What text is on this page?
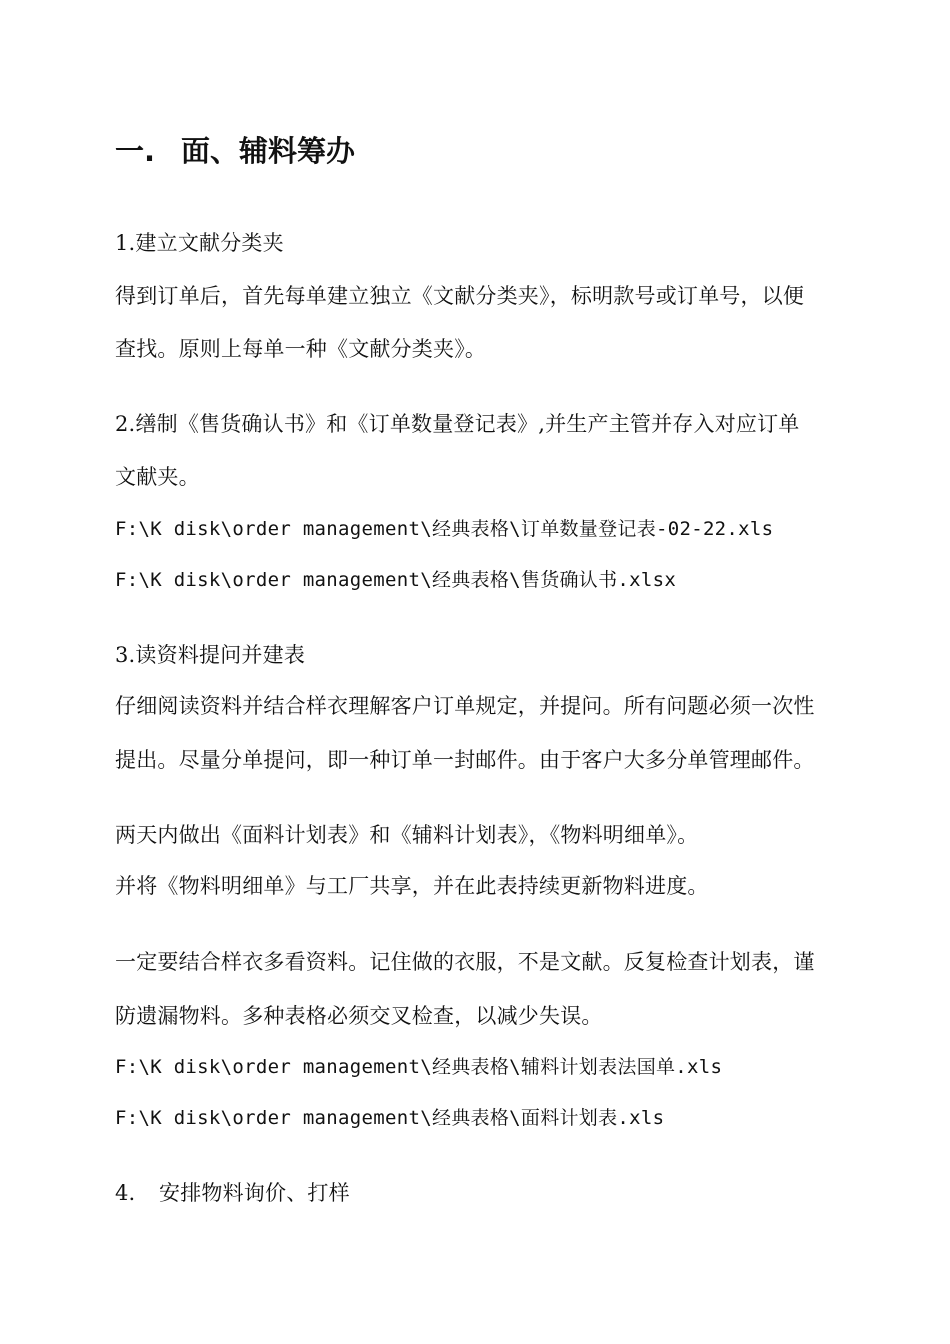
一. 面、辅料筹办
1.建立文献分类夹
得到订单后，首先每单建立独立《文献分类夹》，标明款号或订单号，以便
查找。原则上每单一种《文献分类夹》。
2.缮制《售货确认书》和《订单数量登记表》,并生产主管并存入对应订单
文献夹。
F:\K disk\order management\经典表格\订单数量登记表-02-22.xls
F:\K disk\order management\经典表格\售货确认书.xlsx
3.读资料提问并建表
仔细阅读资料并结合样衣理解客户订单规定，并提问。所有问题必须一次性
提出。尽量分单提问，即一种订单一封邮件。由于客户大多分单管理邮件。
两天内做出《面料计划表》和《辅料计划表》，《物料明细单》。
并将《物料明细单》与工厂共享，并在此表持续更新物料进度。
一定要结合样衣多看资料。记住做的衣服，不是文献。反复检查计划表，谨
防遗漏物料。多种表格必须交叉检查，以减少失误。
F:\K disk\order management\经典表格\辅料计划表法国单.xls
F:\K disk\order management\经典表格\面料计划表.xls
4. 安排物料询价、打样
